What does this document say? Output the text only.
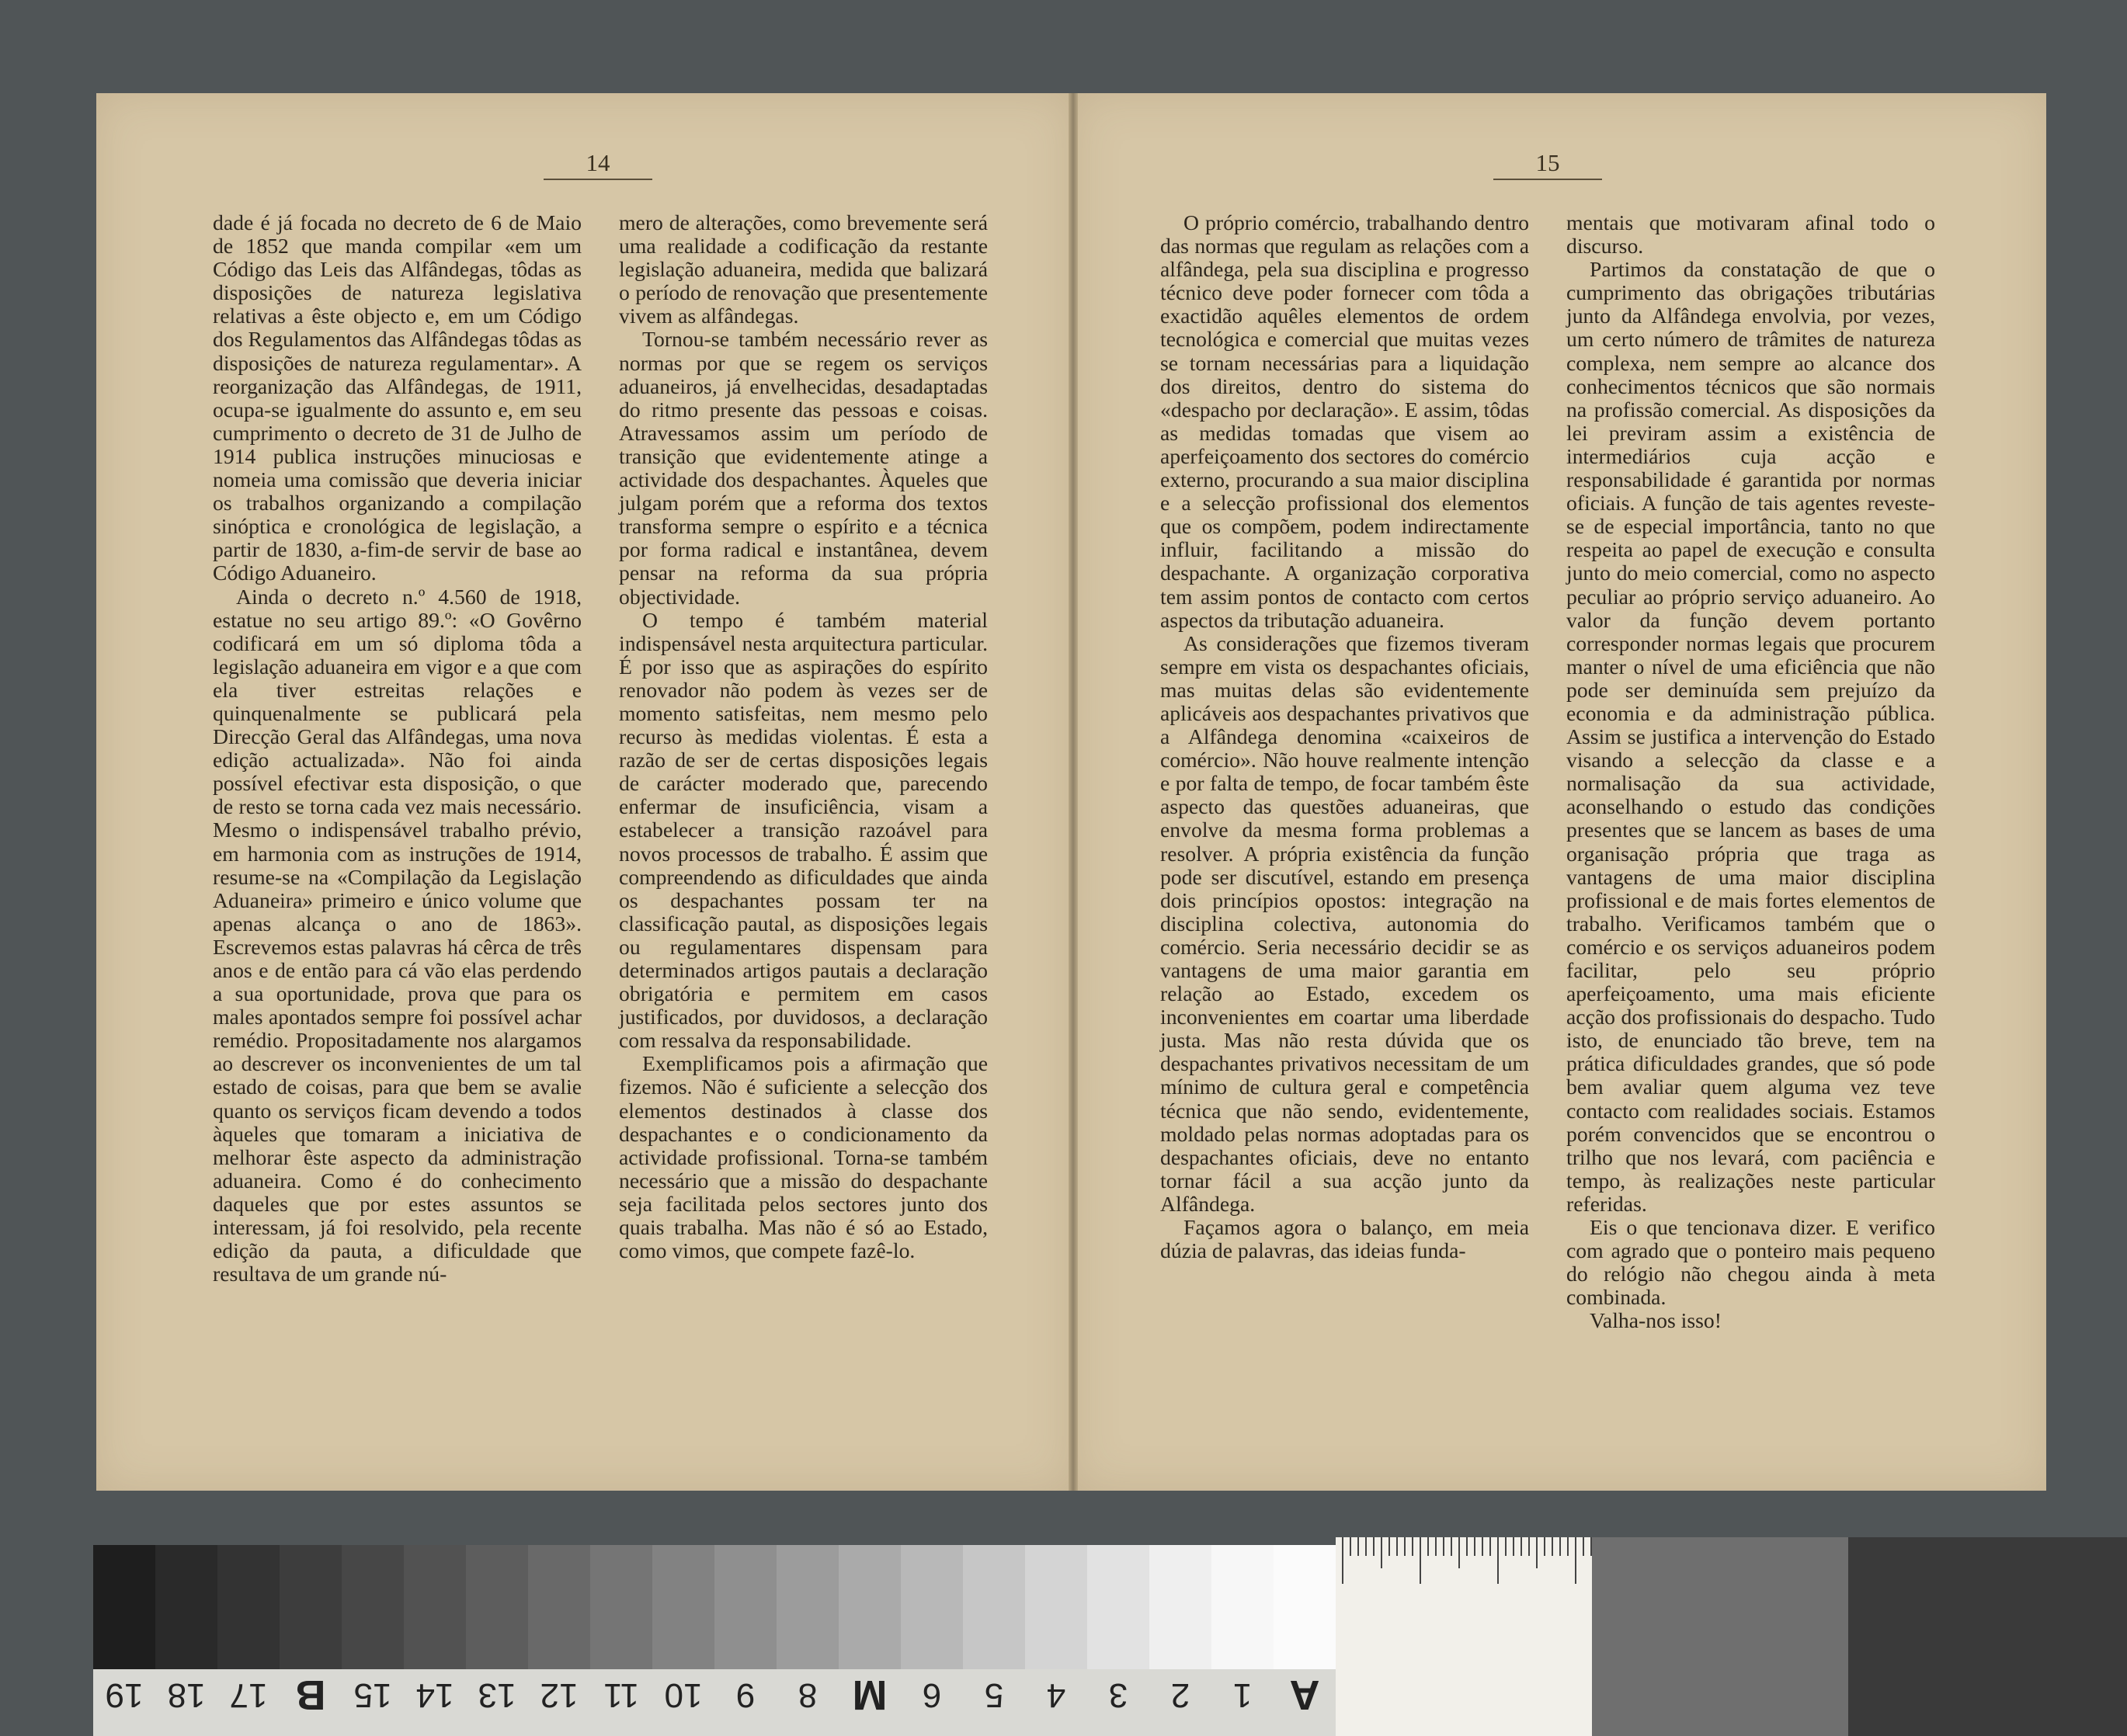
14	15

dade é já focada no decreto de 6 de Maio de 1852 que manda compilar «em um Código das Leis das Alfândegas, tôdas as disposições de natureza legislativa relativas a êste objecto e, em um Código dos Regulamentos das Alfândegas tôdas as disposições de natureza regulamentar». A reorganização das Alfândegas, de 1911, ocupa-se igualmente do assunto e, em seu cumprimento o decreto de 31 de Julho de 1914 publica instruções minuciosas e nomeia uma comissão que deveria iniciar os trabalhos organizando a compilação sinóptica e cronológica de legislação, a partir de 1830, a-fim-de servir de base ao Código Aduaneiro.

Ainda o decreto n.º 4.560 de 1918, estatue no seu artigo 89.º: «O Govêrno codificará em um só diploma tôda a legislação aduaneira em vigor e a que com ela tiver estreitas relações e quinquenalmente se publicará pela Direcção Geral das Alfândegas, uma nova edição actualizada». Não foi ainda possível efectivar esta disposição, o que de resto se torna cada vez mais necessário. Mesmo o indispensável trabalho prévio, em harmonia com as instruções de 1914, resume-se na «Compilação da Legislação Aduaneira» primeiro e único volume que apenas alcança o ano de 1863». Escrevemos estas palavras há cêrca de três anos e de então para cá vão elas perdendo a sua oportunidade, prova que para os males apontados sempre foi possível achar remédio. Propositadamente nos alargamos ao descrever os inconvenientes de um tal estado de coisas, para que bem se avalie quanto os serviços ficam devendo a todos àqueles que tomaram a iniciativa de melhorar êste aspecto da administração aduaneira. Como é do conhecimento daqueles que por estes assuntos se interessam, já foi resolvido, pela recente edição da pauta, a dificuldade que resultava de um grande nú-

mero de alterações, como brevemente será uma realidade a codificação da restante legislação aduaneira, medida que balizará o período de renovação que presentemente vivem as alfândegas.

Tornou-se também necessário rever as normas por que se regem os serviços aduaneiros, já envelhecidas, desadaptadas do ritmo presente das pessoas e coisas. Atravessamos assim um período de transição que evidentemente atinge a actividade dos despachantes. Àqueles que julgam porém que a reforma dos textos transforma sempre o espírito e a técnica por forma radical e instantânea, devem pensar na reforma da sua própria objectividade.

O tempo é também material indispensável nesta arquitectura particular. É por isso que as aspirações do espírito renovador não podem às vezes ser de momento satisfeitas, nem mesmo pelo recurso às medidas violentas. É esta a razão de ser de certas disposições legais de carácter moderado que, parecendo enfermar de insuficiência, visam a estabelecer a transição razoável para novos processos de trabalho. É assim que compreendendo as dificuldades que ainda os despachantes possam ter na classificação pautal, as disposições legais ou regulamentares dispensam para determinados artigos pautais a declaração obrigatória e permitem em casos justificados, por duvidosos, a declaração com ressalva da responsabilidade.

Exemplificamos pois a afirmação que fizemos. Não é suficiente a selecção dos elementos destinados à classe dos despachantes e o condicionamento da actividade profissional. Torna-se também necessário que a missão do despachante seja facilitada pelos sectores junto dos quais trabalha. Mas não é só ao Estado, como vimos, que compete fazê-lo.

O próprio comércio, trabalhando dentro das normas que regulam as relações com a alfândega, pela sua disciplina e progresso técnico deve poder fornecer com tôda a exactidão aquêles elementos de ordem tecnológica e comercial que muitas vezes se tornam necessárias para a liquidação dos direitos, dentro do sistema do «despacho por declaração». E assim, tôdas as medidas tomadas que visem ao aperfeiçoamento dos sectores do comércio externo, procurando a sua maior disciplina e a selecção profissional dos elementos que os compõem, podem indirectamente influir, facilitando a missão do despachante. A organização corporativa tem assim pontos de contacto com certos aspectos da tributação aduaneira.

As considerações que fizemos tiveram sempre em vista os despachantes oficiais, mas muitas delas são evidentemente aplicáveis aos despachantes privativos que a Alfândega denomina «caixeiros de comércio». Não houve realmente intenção e por falta de tempo, de focar também êste aspecto das questões aduaneiras, que envolve da mesma forma problemas a resolver. A própria existência da função pode ser discutível, estando em presença dois princípios opostos: integração na disciplina colectiva, autonomia do comércio. Seria necessário decidir se as vantagens de uma maior garantia em relação ao Estado, excedem os inconvenientes em coartar uma liberdade justa. Mas não resta dúvida que os despachantes privativos necessitam de um mínimo de cultura geral e competência técnica que não sendo, evidentemente, moldado pelas normas adoptadas para os despachantes oficiais, deve no entanto tornar fácil a sua acção junto da Alfândega.

Façamos agora o balanço, em meia dúzia de palavras, das ideias funda-

mentais que motivaram afinal todo o discurso.

Partimos da constatação de que o cumprimento das obrigações tributárias junto da Alfândega envolvia, por vezes, um certo número de trâmites de natureza complexa, nem sempre ao alcance dos conhecimentos técnicos que são normais na profissão comercial. As disposições da lei previram assim a existência de intermediários cuja acção e responsabilidade é garantida por normas oficiais. A função de tais agentes reveste-se de especial importância, tanto no que respeita ao papel de execução e consulta junto do meio comercial, como no aspecto peculiar ao próprio serviço aduaneiro. Ao valor da função devem portanto corresponder normas legais que procurem manter o nível de uma eficiência que não pode ser deminuída sem prejuízo da economia e da administração pública. Assim se justifica a intervenção do Estado visando a selecção da classe e a normalisação da sua actividade, aconselhando o estudo das condições presentes que se lancem as bases de uma organisação própria que traga as vantagens de uma maior disciplina profissional e de mais fortes elementos de trabalho. Verificamos também que o comércio e os serviços aduaneiros podem facilitar, pelo seu próprio aperfeiçoamento, uma mais eficiente acção dos profissionais do despacho. Tudo isto, de enunciado tão breve, tem na prática dificuldades grandes, que só pode bem avaliar quem alguma vez teve contacto com realidades sociais. Estamos porém convencidos que se encontrou o trilho que nos levará, com paciência e tempo, às realizações neste particular referidas.

Eis o que tencionava dizer. E verifico com agrado que o ponteiro mais pequeno do relógio não chegou ainda à meta combinada.

Valha-nos isso!

19 18 17 B 15 14 13 12 11 10 9	8 M	6	5	4	3	2	1 A
